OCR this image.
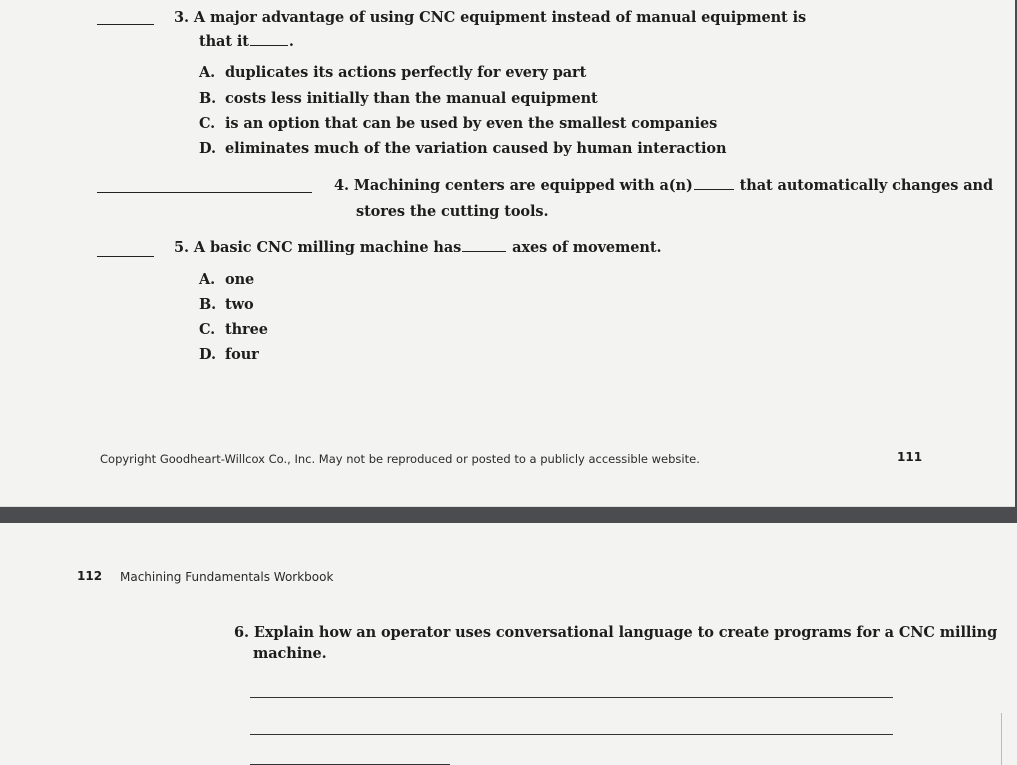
3. A major advantage of using CNC equipment instead of manual equipment is
that it	.
A. duplicates its actions perfectly for every part
B. costs less initially than the manual equipment
C. is an option that can be used by even the smallest companies
D. eliminates much of the variation caused by human interaction
4. Machining centers are equipped with a(n)	that automatically changes and
stores the cutting tools.
5. A basic CNC milling machine has	axes of movement.
A. one
B. two
C. three
D. four
Copyright Goodheart-Willcox Co., Inc. May not be reproduced or posted to a publicly accessible website.	111
112 Machining Fundamentals Workbook
6. Explain how an operator uses conversational language to create programs for a CNC milling
machine.
